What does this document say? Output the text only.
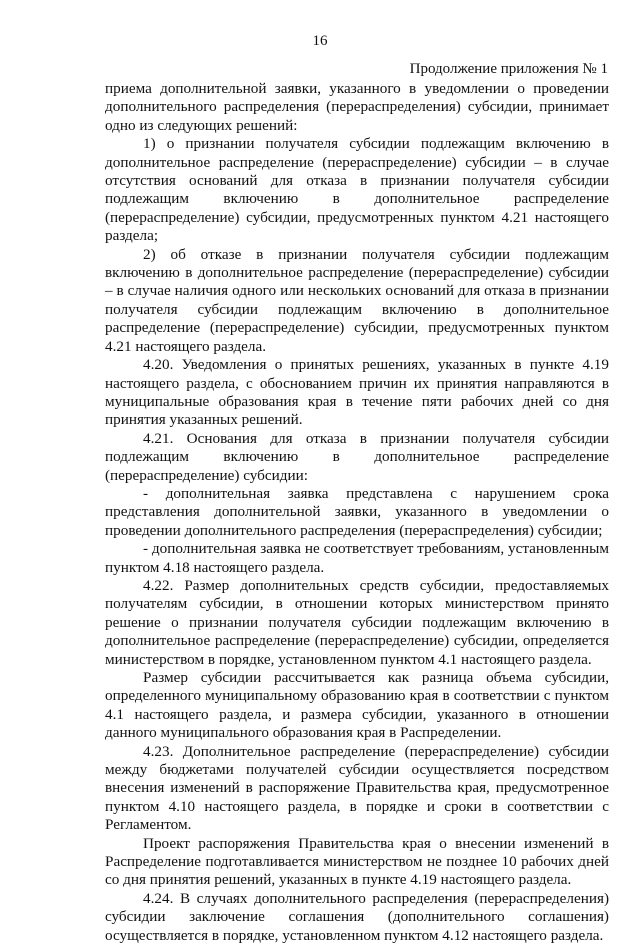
16
Продолжение приложения № 1

приема дополнительной заявки, указанного в уведомлении о проведении дополнительного распределения (перераспределения) субсидии, принимает одно из следующих решений:

1) о признании получателя субсидии подлежащим включению в дополнительное распределение (перераспределение) субсидии – в случае отсутствия оснований для отказа в признании получателя субсидии подлежащим включению в дополнительное распределение (перераспределение) субсидии, предусмотренных пунктом 4.21 настоящего раздела;

2) об отказе в признании получателя субсидии подлежащим включению в дополнительное распределение (перераспределение) субсидии – в случае наличия одного или нескольких оснований для отказа в признании получателя субсидии подлежащим включению в дополнительное распределение (перераспределение) субсидии, предусмотренных пунктом 4.21 настоящего раздела.

4.20. Уведомления о принятых решениях, указанных в пункте 4.19 настоящего раздела, с обоснованием причин их принятия направляются в муниципальные образования края в течение пяти рабочих дней со дня принятия указанных решений.

4.21. Основания для отказа в признании получателя субсидии подлежащим включению в дополнительное распределение (перераспределение) субсидии:

- дополнительная заявка представлена с нарушением срока представления дополнительной заявки, указанного в уведомлении о проведении дополнительного распределения (перераспределения) субсидии;

- дополнительная заявка не соответствует требованиям, установленным пунктом 4.18 настоящего раздела.

4.22. Размер дополнительных средств субсидии, предоставляемых получателям субсидии, в отношении которых министерством принято решение о признании получателя субсидии подлежащим включению в дополнительное распределение (перераспределение) субсидии, определяется министерством в порядке, установленном пунктом 4.1 настоящего раздела.

Размер субсидии рассчитывается как разница объема субсидии, определенного муниципальному образованию края в соответствии с пунктом 4.1 настоящего раздела, и размера субсидии, указанного в отношении данного муниципального образования края в Распределении.

4.23. Дополнительное распределение (перераспределение) субсидии между бюджетами получателей субсидии осуществляется посредством внесения изменений в распоряжение Правительства края, предусмотренное пунктом 4.10 настоящего раздела, в порядке и сроки в соответствии с Регламентом.

Проект распоряжения Правительства края о внесении изменений в Распределение подготавливается министерством не позднее 10 рабочих дней со дня принятия решений, указанных в пункте 4.19 настоящего раздела.

4.24. В случаях дополнительного распределения (перераспределения) субсидии заключение соглашения (дополнительного соглашения) осуществляется в порядке, установленном пунктом 4.12 настоящего раздела.
